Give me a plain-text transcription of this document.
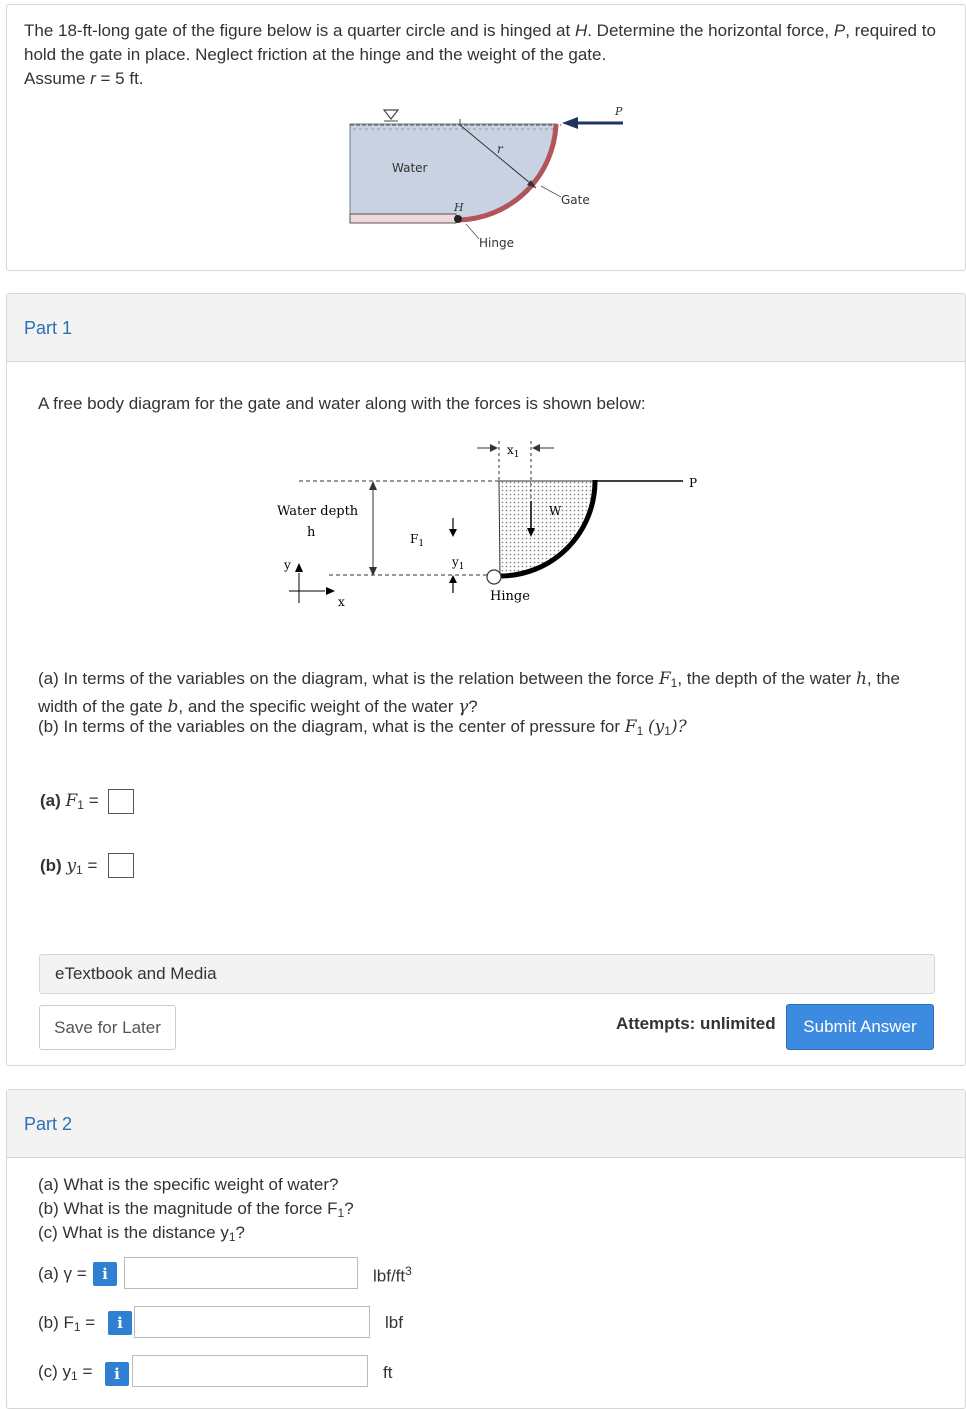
The 18-ft-long gate of the figure below is a quarter circle and is hinged at H. Determine the horizontal force, P, required to hold the gate in place. Neglect friction at the hinge and the weight of the gate.
Assume r = 5 ft.
Water
r
Gate
H
Hinge
P
Part 1
A free body diagram for the gate and water along with the forces is shown below:
$x_1$
W
P
Water depth
h	$F_1$
$y_1$
y
x	Hinge
(a) In terms of the variables on the diagram, what is the relation between the force F1, the depth of the water h, the width of the gate b, and the specific weight of the water γ?
(b) In terms of the variables on the diagram, what is the center of pressure for F1 (y1)?
(a) F1 =
(b) y1 =
eTextbook and Media
Save for Later	Attempts: unlimited	Submit Answer
Part 2
(a) What is the specific weight of water?
(b) What is the magnitude of the force F1?
(c) What is the distance y1?
(a) γ =	i	lbf/$ft^3$
(b) F1 =	i	lbf
(c) y1 =	i	ft
